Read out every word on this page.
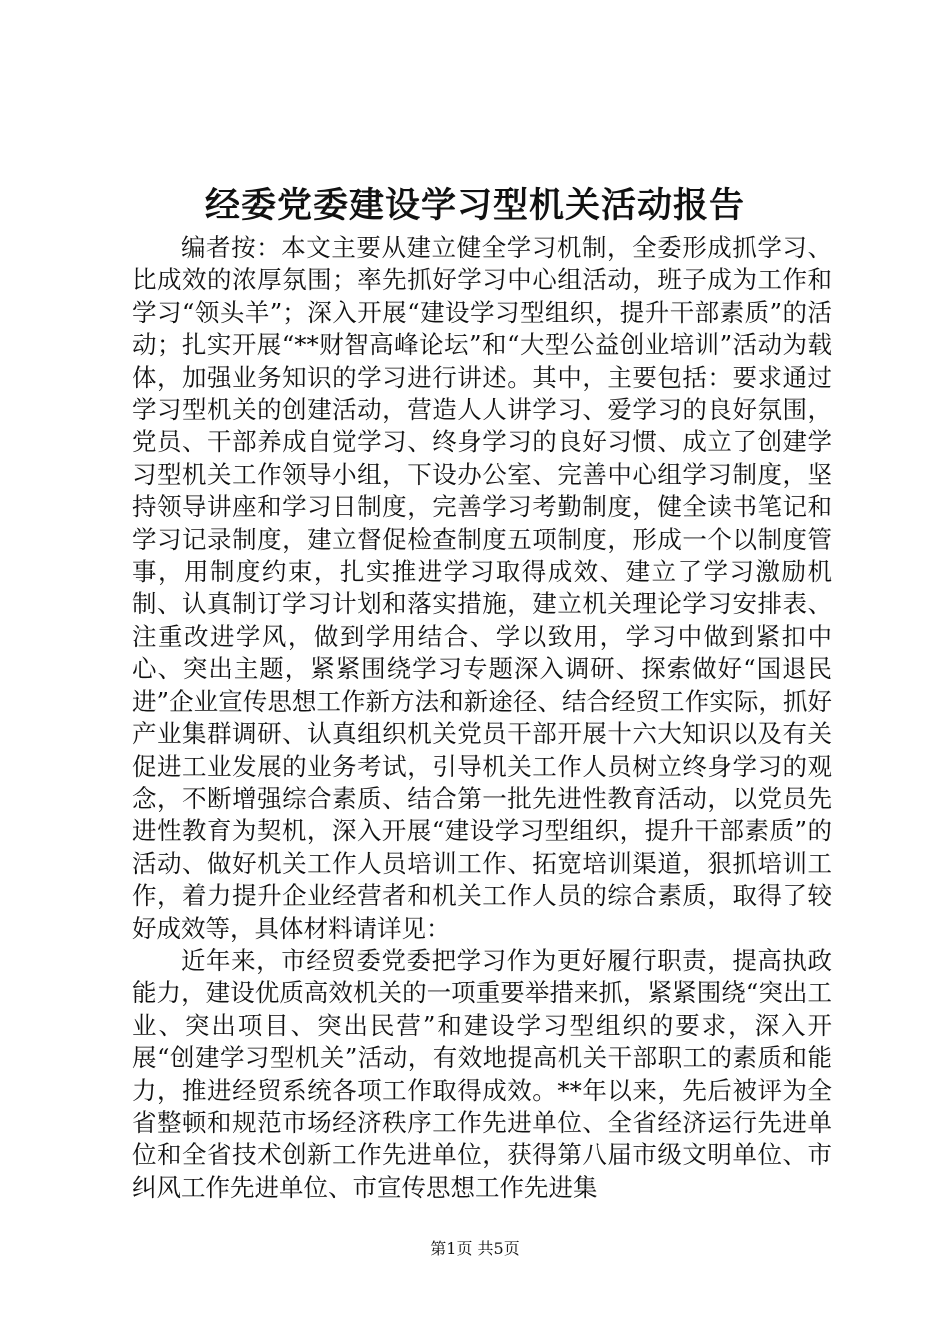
经委党委建设学习型机关活动报告

编者按：本文主要从建立健全学习机制，全委形成抓学习、比成效的浓厚氛围；率先抓好学习中心组活动，班子成为工作和学习“领头羊”；深入开展“建设学习型组织，提升干部素质”的活动；扎实开展“**财智高峰论坛”和“大型公益创业培训”活动为载体，加强业务知识的学习进行讲述。其中，主要包括：要求通过学习型机关的创建活动，营造人人讲学习、爱学习的良好氛围，党员、干部养成自觉学习、终身学习的良好习惯、成立了创建学习型机关工作领导小组，下设办公室、完善中心组学习制度，坚持领导讲座和学习日制度，完善学习考勤制度，健全读书笔记和学习记录制度，建立督促检查制度五项制度，形成一个以制度管事，用制度约束，扎实推进学习取得成效、建立了学习激励机制、认真制订学习计划和落实措施，建立机关理论学习安排表、注重改进学风，做到学用结合、学以致用，学习中做到紧扣中心、突出主题，紧紧围绕学习专题深入调研、探索做好“国退民进”企业宣传思想工作新方法和新途径、结合经贸工作实际，抓好产业集群调研、认真组织机关党员干部开展十六大知识以及有关促进工业发展的业务考试，引导机关工作人员树立终身学习的观念，不断增强综合素质、结合第一批先进性教育活动，以党员先进性教育为契机，深入开展“建设学习型组织，提升干部素质”的活动、做好机关工作人员培训工作、拓宽培训渠道，狠抓培训工作，着力提升企业经营者和机关工作人员的综合素质，取得了较好成效等，具体材料请详见：

近年来，市经贸委党委把学习作为更好履行职责，提高执政能力，建设优质高效机关的一项重要举措来抓，紧紧围绕“突出工业、突出项目、突出民营”和建设学习型组织的要求，深入开展“创建学习型机关”活动，有效地提高机关干部职工的素质和能力，推进经贸系统各项工作取得成效。**年以来，先后被评为全省整顿和规范市场经济秩序工作先进单位、全省经济运行先进单位和全省技术创新工作先进单位，获得第八届市级文明单位、市纠风工作先进单位、市宣传思想工作先进集

第1页 共5页
